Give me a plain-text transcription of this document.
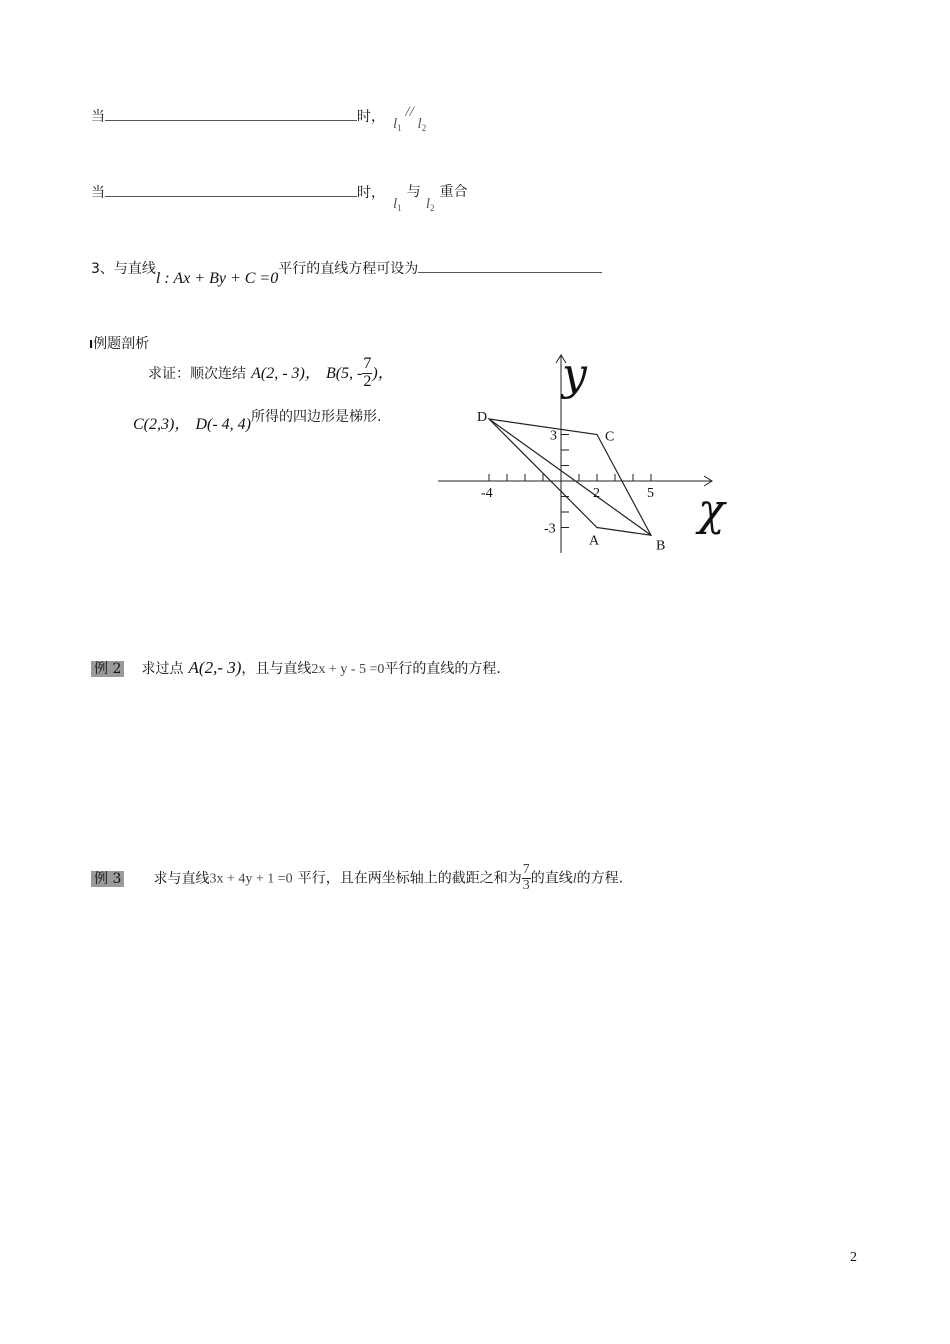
当	时， $l_1 // l_2$
当	时，
$l_1$ 与 $l_2$ 重合
3、与直线l : Ax + By + C =0平行的直线方程可设为
I例题剖析
求证：顺次连结 A(2, - 3)， B(5, - $\frac{7}{2}$ )，
C(2,3)， D(- 4, 4)所得的四边形是梯形.
-4	2	5
3
-3
A	B
C
D
y
χ
例 2 求过点 A(2,- 3)，且与直线2x + y - 5 =0平行的直线的方程.
例 3 求与直线3x + 4y + 1 =0 平行，且在两坐标轴上的截距之和为 $\frac{7}{3}$ 的直线l的方程.
2
